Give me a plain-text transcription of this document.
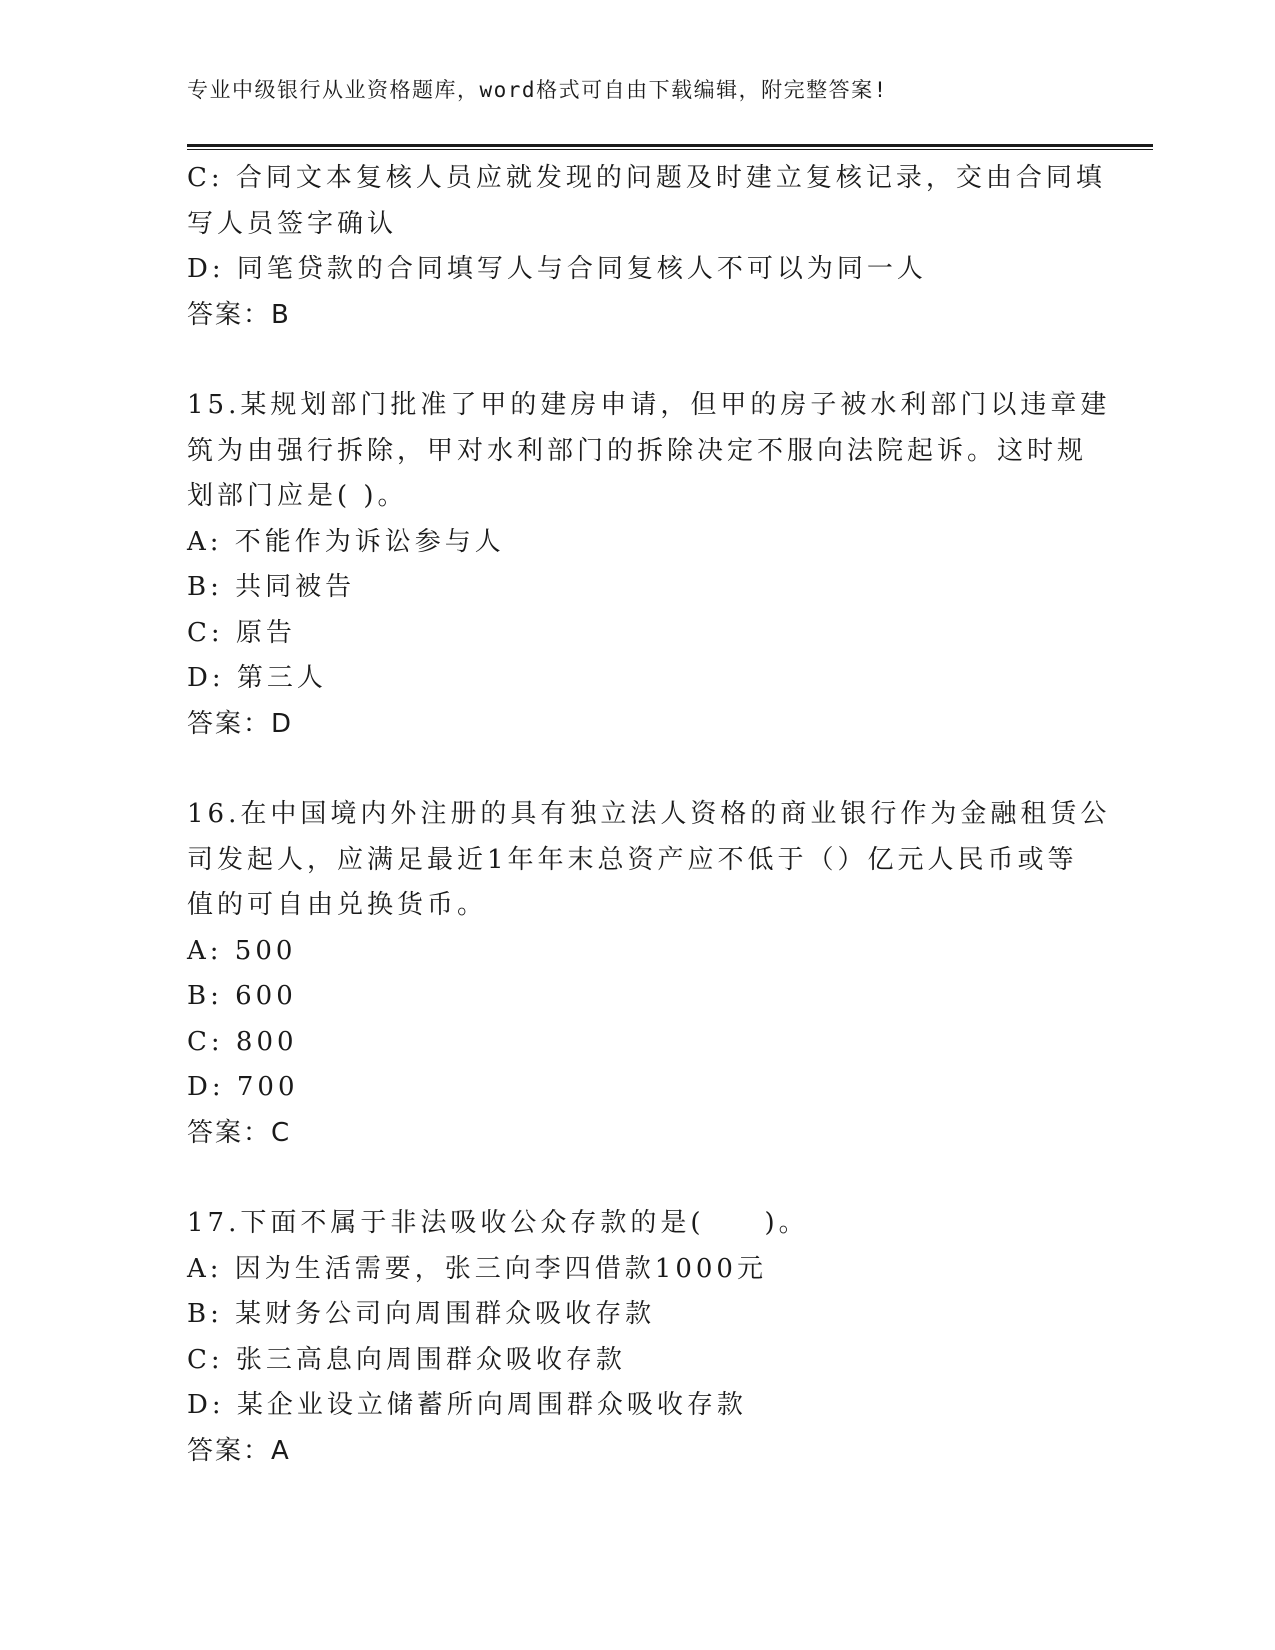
专业中级银行从业资格题库，word格式可自由下载编辑，附完整答案!
C: 合同文本复核人员应就发现的问题及时建立复核记录，交由合同填
写人员签字确认
D: 同笔贷款的合同填写人与合同复核人不可以为同一人
答案：B
15.某规划部门批准了甲的建房申请，但甲的房子被水利部门以违章建
筑为由强行拆除，甲对水利部门的拆除决定不服向法院起诉。这时规
划部门应是( )。
A: 不能作为诉讼参与人
B: 共同被告
C: 原告
D: 第三人
答案：D
16.在中国境内外注册的具有独立法人资格的商业银行作为金融租赁公
司发起人，应满足最近1年年末总资产应不低于（）亿元人民币或等
值的可自由兑换货币。
A: 500
B: 600
C: 800
D: 700
答案：C
17.下面不属于非法吸收公众存款的是(　　)。
A: 因为生活需要，张三向李四借款1000元
B: 某财务公司向周围群众吸收存款
C: 张三高息向周围群众吸收存款
D: 某企业设立储蓄所向周围群众吸收存款
答案：A
